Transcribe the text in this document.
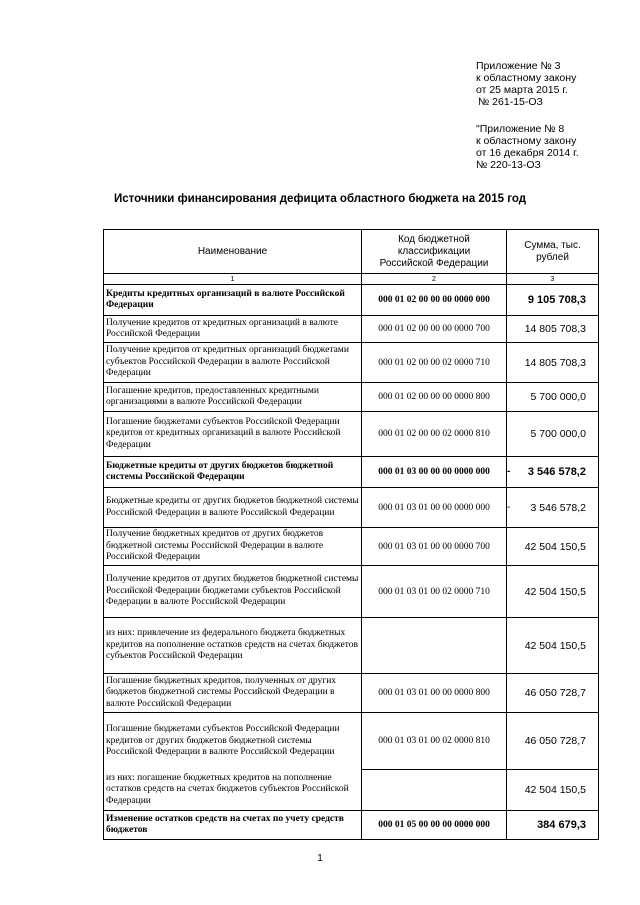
Приложение № 3
к областному закону
от 25 марта 2015 г.
№ 261-15-ОЗ
"Приложение № 8
к областному закону
от 16 декабря 2014 г.
№ 220-13-ОЗ
Источники финансирования дефицита областного бюджета на 2015 год
Наименование	Код бюджетной классификации Российской Федерации	Сумма, тыс. рублей
1	2	3
Кредиты кредитных организаций в валюте Российской Федерации	000 01 02 00 00 00 0000 000	9 105 708,3
Получение кредитов от кредитных организаций в валюте Российской Федерации	000 01 02 00 00 00 0000 700	14 805 708,3
Получение кредитов от кредитных организаций бюджетами субъектов Российской Федерации в валюте Российской Федерации	000 01 02 00 00 02 0000 710	14 805 708,3
Погашение кредитов, предоставленных кредитными организациями в валюте Российской Федерации	000 01 02 00 00 00 0000 800	5 700 000,0
Погашение бюджетами субъектов Российской Федерации кредитов от кредитных организаций в валюте Российской Федерации	000 01 02 00 00 02 0000 810	5 700 000,0
Бюджетные кредиты от других бюджетов бюджетной системы Российской Федерации	000 01 03 00 00 00 0000 000	- 3 546 578,2
Бюджетные кредиты от других бюджетов бюджетной системы Российской Федерации в валюте Российской Федерации	000 01 03 01 00 00 0000 000	- 3 546 578,2
Получение бюджетных кредитов от других бюджетов бюджетной системы Российской Федерации в валюте Российской Федерации	000 01 03 01 00 00 0000 700	42 504 150,5
Получение кредитов от других бюджетов бюджетной системы Российской Федерации бюджетами субъектов Российской Федерации в валюте Российской Федерации	000 01 03 01 00 02 0000 710	42 504 150,5
из них: привлечение из федерального бюджета бюджетных кредитов на пополнение остатков средств на счетах бюджетов субъектов Российской Федерации		42 504 150,5
Погашение бюджетных кредитов, полученных от других бюджетов бюджетной системы Российской Федерации в валюте Российской Федерации	000 01 03 01 00 00 0000 800	46 050 728,7
Погашение бюджетами субъектов Российской Федерации кредитов от других бюджетов бюджетной системы Российской Федерации в валюте Российской Федерации	000 01 03 01 00 02 0000 810	46 050 728,7
из них: погашение бюджетных кредитов на пополнение остатков средств на счетах бюджетов субъектов Российской Федерации		42 504 150,5
Изменение остатков средств на счетах по учету средств бюджетов	000 01 05 00 00 00 0000 000	384 679,3
1
